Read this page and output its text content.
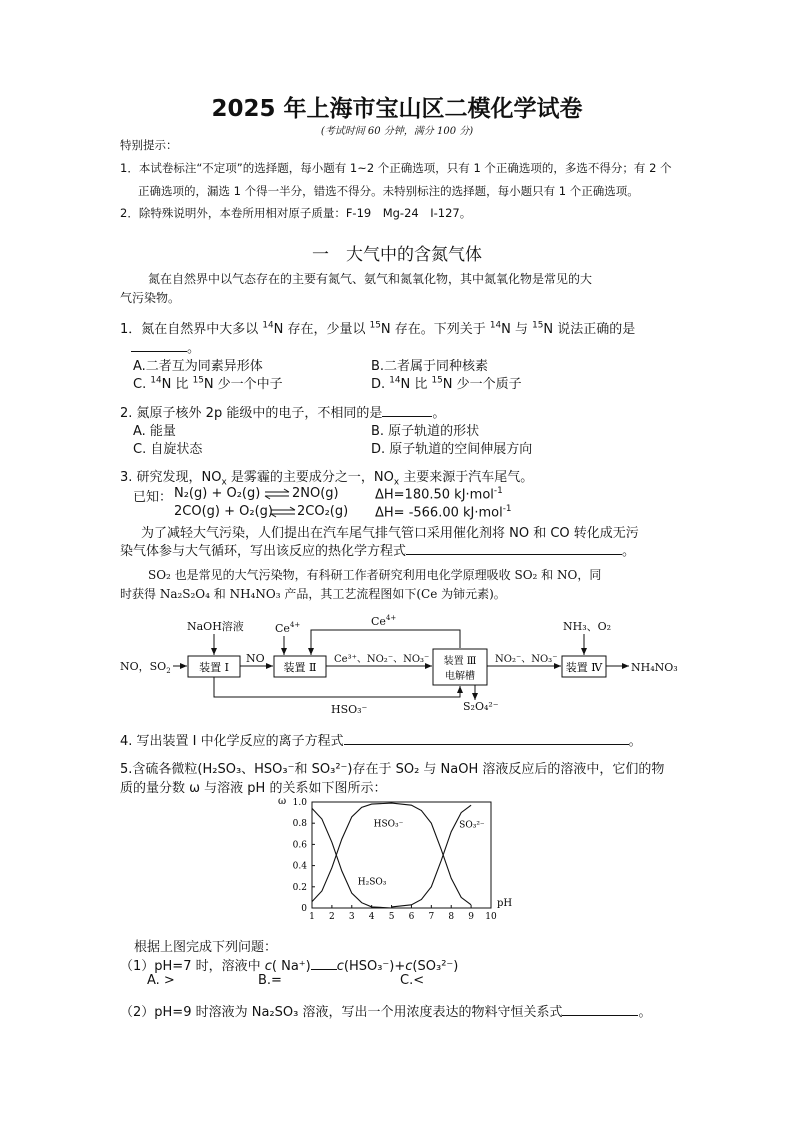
2025 年上海市宝山区二模化学试卷
(考试时间 60 分钟，满分 100 分)
特别提示：
1．本试卷标注“不定项”的选择题，每小题有 1~2 个正确选项，只有 1 个正确选项的，多选不得分；有 2 个
正确选项的，漏选 1 个得一半分，错选不得分。未特别标注的选择题，每小题只有 1 个正确选项。
2．除特殊说明外，本卷所用相对原子质量：F-19　Mg-24　I-127。
一　大气中的含氮气体
氮在自然界中以气态存在的主要有氮气、氨气和氮氧化物，其中氮氧化物是常见的大
气污染物。
1．氮在自然界中大多以 $^{14}$N 存在，少量以 $^{15}$N 存在。下列关于 $^{14}$N 与 $^{15}$N 说法正确的是
。
A.二者互为同素异形体	B.二者属于同种核素
C. $^{14}$N 比 $^{15}$N 少一个中子	D. $^{14}$N 比 $^{15}$N 少一个质子
2. 氮原子核外 2p 能级中的电子，不相同的是	。
A. 能量	B. 原子轨道的形状
C. 自旋状态	D. 原子轨道的空间伸展方向
3. 研究发现，$NO_x$ 是雾霾的主要成分之一，$NO_x$ 主要来源于汽车尾气。
已知： N₂(g) + O₂(g) ⇌ 2NO(g)	ΔH=180.50 kJ·mol$^{-1}$
2CO(g) + O₂(g) ⇌ 2CO₂(g) ΔH= -566.00 kJ·mol$^{-1}$
为了减轻大气污染，人们提出在汽车尾气排气管口采用催化剂将 NO 和 CO 转化成无污
染气体参与大气循环，写出该反应的热化学方程式	。
SO₂ 也是常见的大气污染物，有科研工作者研究利用电化学原理吸收 SO₂ 和 NO，同
时获得 Na₂S₂O₄ 和 NH₄NO₃ 产品，其工艺流程图如下(Ce 为铈元素)。
NaOH溶液	$Ce^{4+}$	$Ce^{4+}$
NO，$SO_2$
NO	Ce³⁺、NO₂⁻、NO₃⁻	NO₂⁻、NO₃⁻
NH₃、O₂
NH₄NO₃
HSO₃⁻	S₂O₄²⁻
装置 Ⅰ	装置 Ⅱ	装置 Ⅲ
电解槽
装置 Ⅳ
4. 写出装置 Ⅰ 中化学反应的离子方程式	。
5.含硫各微粒(H₂SO₃、HSO₃⁻和 SO₃²⁻)存在于 SO₂ 与 NaOH 溶液反应后的溶液中，它们的物
质的量分数 ω 与溶液 pH 的关系如下图所示：
ω
pH
1 2 3 4 5 6 7 8 9 10
0
0.2
0.4
0.6
0.8
1.0
H₂SO₃
HSO₃⁻	SO₃²⁻
根据上图完成下列问题：
（1）pH=7 时，溶液中 c( Na⁺) c(HSO₃⁻)+c(SO₃²⁻)
A. >	B.=	C.<
（2）pH=9 时溶液为 Na₂SO₃ 溶液，写出一个用浓度表达的物料守恒关系式	。
